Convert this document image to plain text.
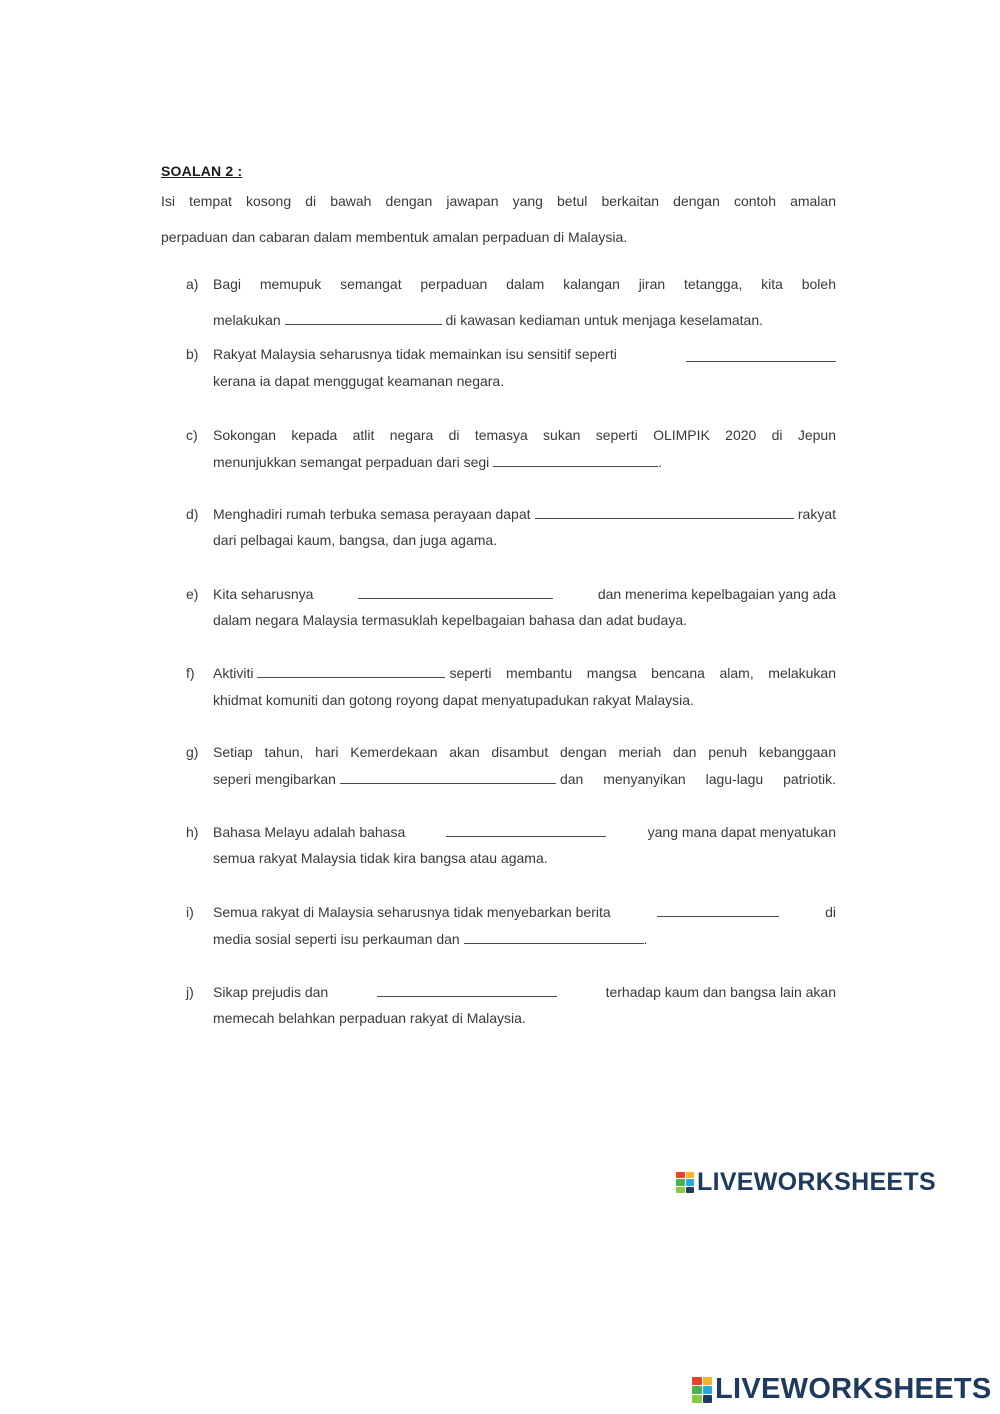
SOALAN 2 :
Isi tempat kosong di bawah dengan jawapan yang betul berkaitan dengan contoh amalan
perpaduan dan cabaran dalam membentuk amalan perpaduan di Malaysia.
a) Bagi memupuk semangat perpaduan dalam kalangan jiran tetangga, kita boleh
melakukan	di kawasan kediaman untuk menjaga keselamatan.
b) Rakyat Malaysia seharusnya tidak memainkan isu sensitif seperti
kerana ia dapat menggugat keamanan negara.
c) Sokongan kepada atlit negara di temasya sukan seperti OLIMPIK 2020 di Jepun
menunjukkan semangat perpaduan dari segi	.
d) Menghadiri rumah terbuka semasa perayaan dapat	rakyat
dari pelbagai kaum, bangsa, dan juga agama.
e) Kita seharusnya	dan menerima kepelbagaian yang ada
dalam negara Malaysia termasuklah kepelbagaian bahasa dan adat budaya.
f) Aktiviti	seperti membantu mangsa bencana alam, melakukan
khidmat komuniti dan gotong royong dapat menyatupadukan rakyat Malaysia.
g) Setiap tahun, hari Kemerdekaan akan disambut dengan meriah dan penuh kebanggaan
seperi mengibarkan	dan menyanyikan lagu-lagu patriotik.
h) Bahasa Melayu adalah bahasa	yang mana dapat menyatukan
semua rakyat Malaysia tidak kira bangsa atau agama.
i) Semua rakyat di Malaysia seharusnya tidak menyebarkan berita	di
media sosial seperti isu perkauman dan	.
j) Sikap prejudis dan	terhadap kaum dan bangsa lain akan
memecah belahkan perpaduan rakyat di Malaysia.
LIVEWORKSHEETS
LIVEWORKSHEETS
